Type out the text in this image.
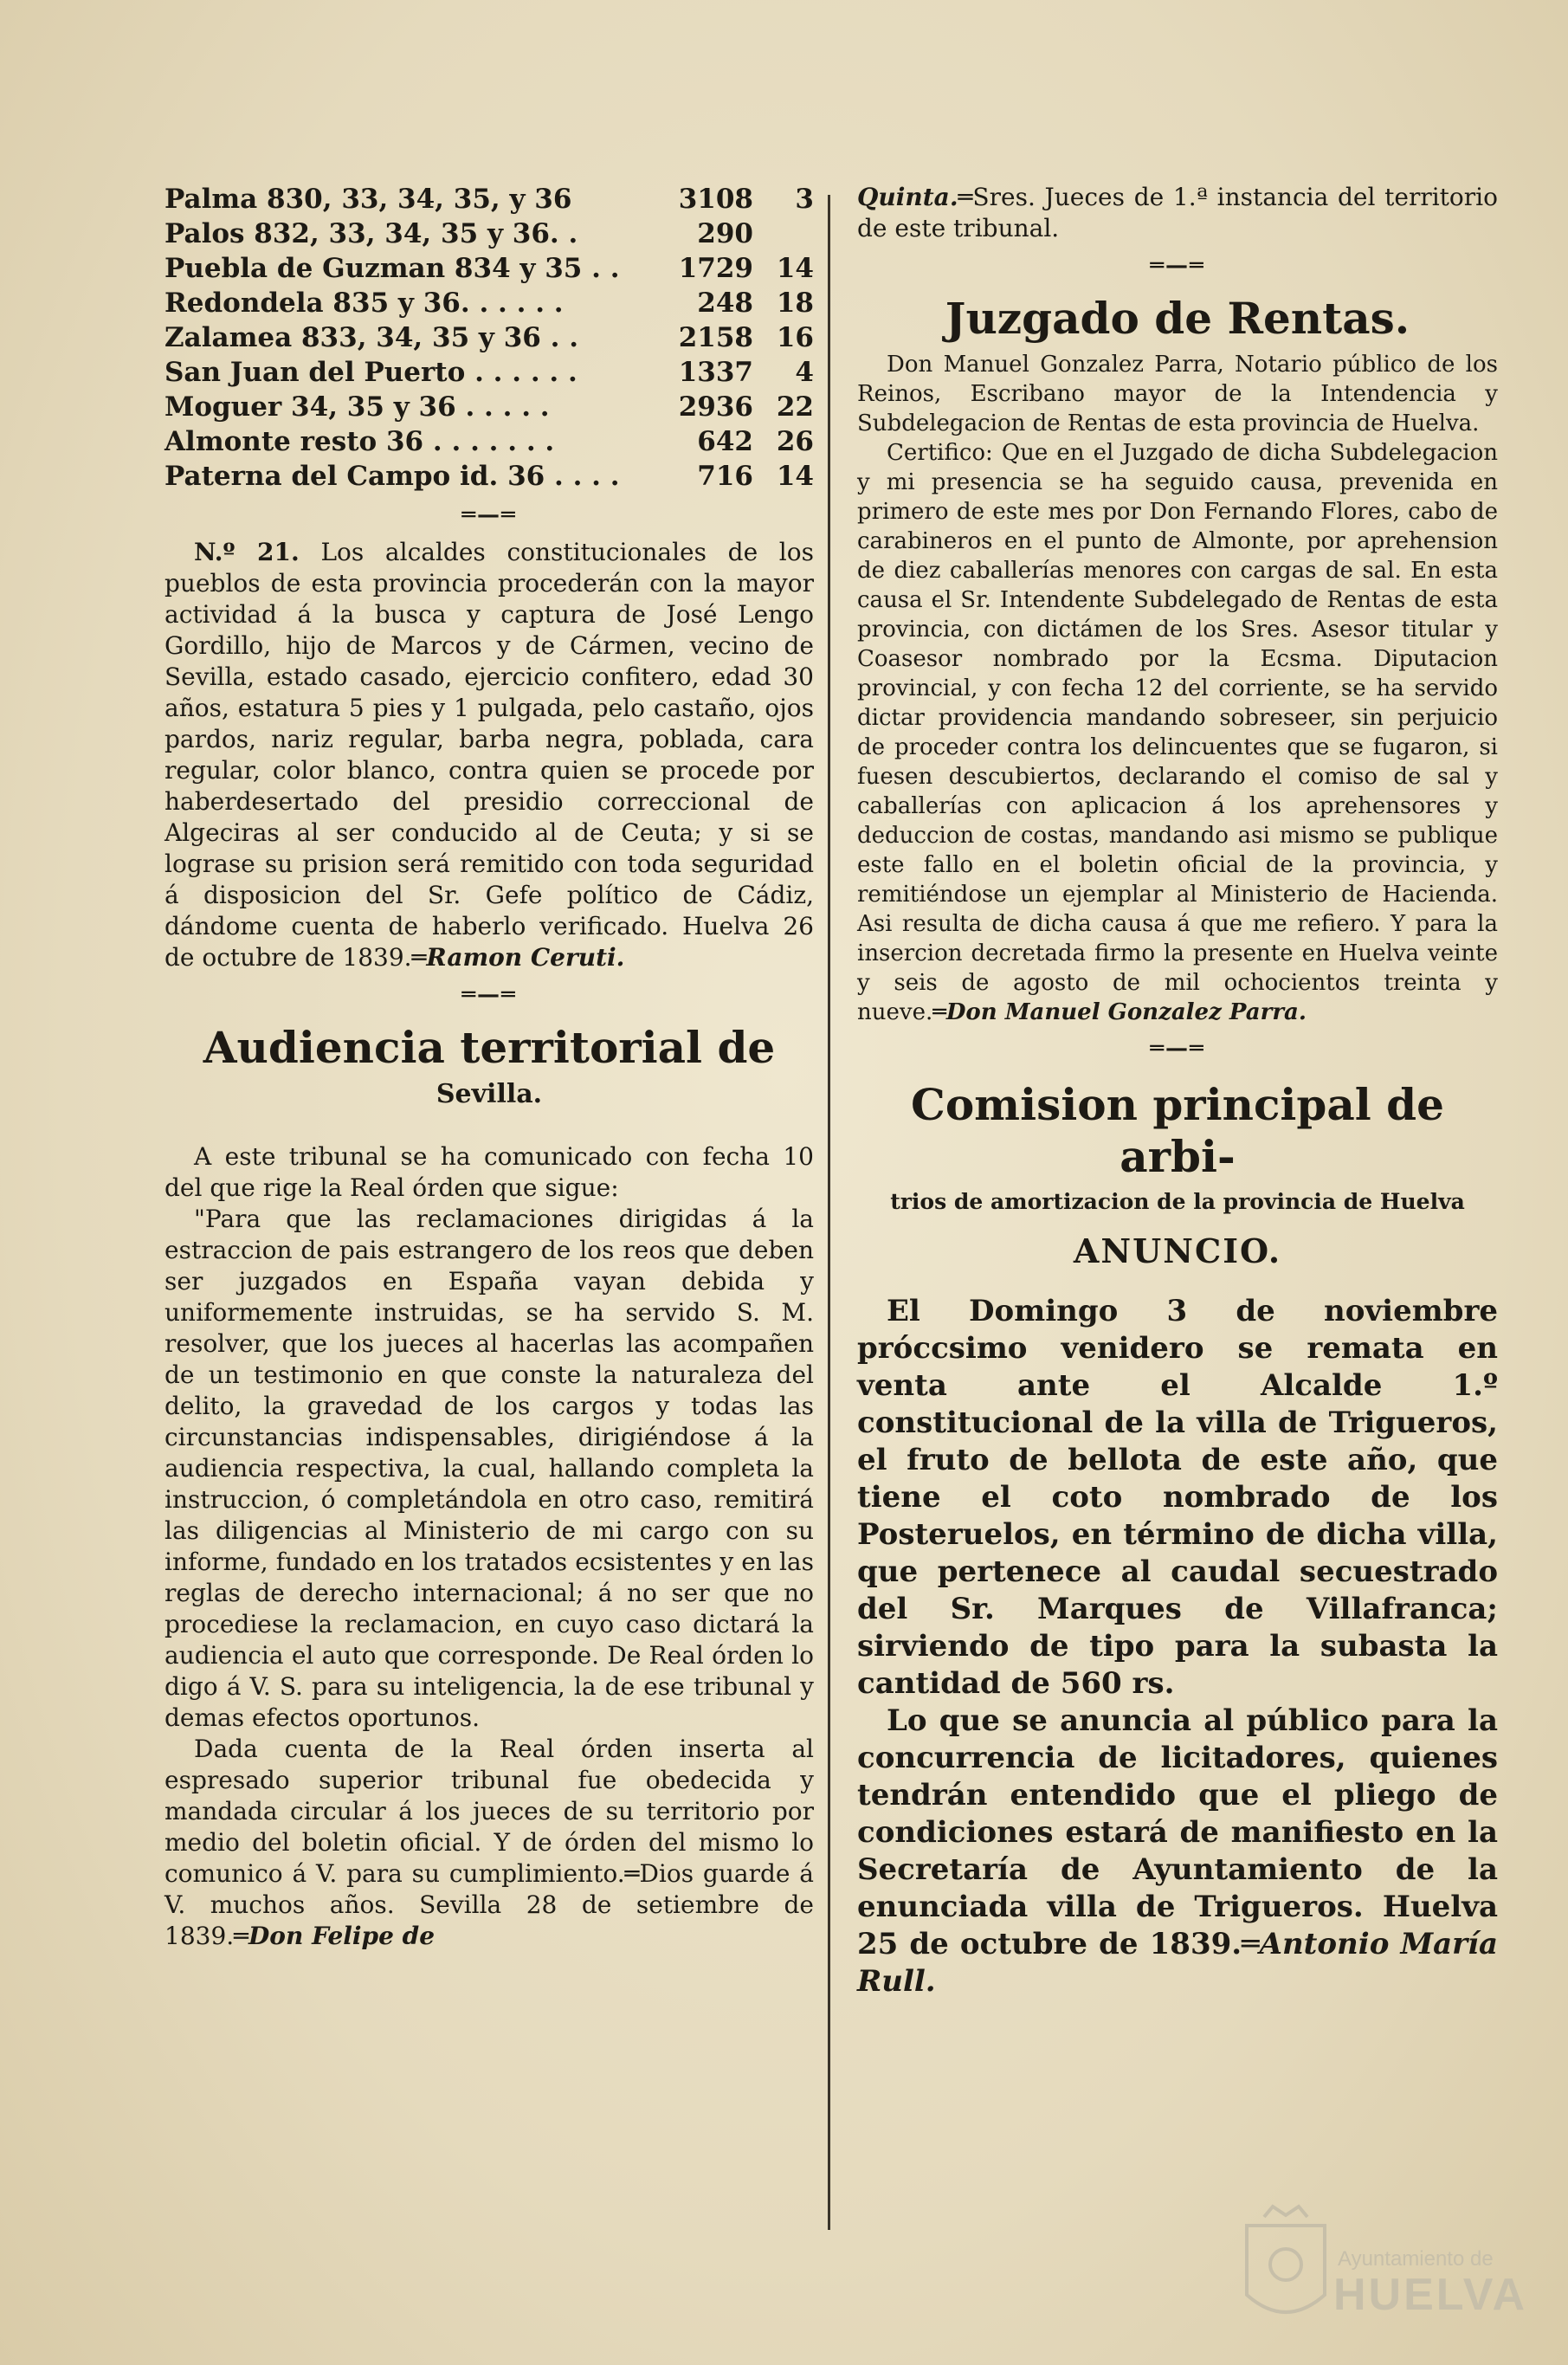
Palma 830, 33, 34, 35, y 36	3108	3
Palos 832, 33, 34, 35 y 36. .	290	
Puebla de Guzman 834 y 35 . .	1729	14
Redondela 835 y 36. . . . . .	248	18
Zalamea 833, 34, 35 y 36 . .	2158	16
San Juan del Puerto . . . . . .	1337	4
Moguer 34, 35 y 36 . . . . .	2936	22
Almonte resto 36 . . . . . . .	642	26
Paterna del Campo id. 36 . . . .	716	14
═—═

N.º 21. Los alcaldes constitucionales de los pueblos de esta provincia procederán con la mayor actividad á la busca y captura de José Lengo Gordillo, hijo de Marcos y de Cármen, vecino de Sevilla, estado casado, ejercicio confitero, edad 30 años, estatura 5 pies y 1 pulgada, pelo castaño, ojos pardos, nariz regular, barba negra, poblada, cara regular, color blanco, contra quien se procede por haberdesertado del presidio correccional de Algeciras al ser conducido al de Ceuta; y si se lograse su prision será remitido con toda seguridad á disposicion del Sr. Gefe político de Cádiz, dándome cuenta de haberlo verificado. Huelva 26 de octubre de 1839.═Ramon Ceruti.

═—═
Audiencia territorial de
Sevilla.

A este tribunal se ha comunicado con fecha 10 del que rige la Real órden que sigue:

"Para que las reclamaciones dirigidas á la estraccion de pais estrangero de los reos que deben ser juzgados en España vayan debida y uniformemente instruidas, se ha servido S. M. resolver, que los jueces al hacerlas las acompañen de un testimonio en que conste la naturaleza del delito, la gravedad de los cargos y todas las circunstancias indispensables, dirigiéndose á la audiencia respectiva, la cual, hallando completa la instruccion, ó completándola en otro caso, remitirá las diligencias al Ministerio de mi cargo con su informe, fundado en los tratados ecsistentes y en las reglas de derecho internacional; á no ser que no procediese la reclamacion, en cuyo caso dictará la audiencia el auto que corresponde. De Real órden lo digo á V. S. para su inteligencia, la de ese tribunal y demas efectos oportunos.

Dada cuenta de la Real órden inserta al espresado superior tribunal fue obedecida y mandada circular á los jueces de su territorio por medio del boletin oficial. Y de órden del mismo lo comunico á V. para su cumplimiento.═Dios guarde á V. muchos años. Sevilla 28 de setiembre de 1839.═Don Felipe de

Quinta.═Sres. Jueces de 1.ª instancia del territorio de este tribunal.

═—═
Juzgado de Rentas.

Don Manuel Gonzalez Parra, Notario público de los Reinos, Escribano mayor de la Intendencia y Subdelegacion de Rentas de esta provincia de Huelva.

Certifico: Que en el Juzgado de dicha Subdelegacion y mi presencia se ha seguido causa, prevenida en primero de este mes por Don Fernando Flores, cabo de carabineros en el punto de Almonte, por aprehension de diez caballerías menores con cargas de sal. En esta causa el Sr. Intendente Subdelegado de Rentas de esta provincia, con dictámen de los Sres. Asesor titular y Coasesor nombrado por la Ecsma. Diputacion provincial, y con fecha 12 del corriente, se ha servido dictar providencia mandando sobreseer, sin perjuicio de proceder contra los delincuentes que se fugaron, si fuesen descubiertos, declarando el comiso de sal y caballerías con aplicacion á los aprehensores y deduccion de costas, mandando asi mismo se publique este fallo en el boletin oficial de la provincia, y remitiéndose un ejemplar al Ministerio de Hacienda. Asi resulta de dicha causa á que me refiero. Y para la insercion decretada firmo la presente en Huelva veinte y seis de agosto de mil ochocientos treinta y nueve.═Don Manuel Gonzalez Parra.

═—═
Comision principal de arbi-
trios de amortizacion de la provincia de Huelva
ANUNCIO.

El Domingo 3 de noviembre próccsimo venidero se remata en venta ante el Alcalde 1.º constitucional de la villa de Trigueros, el fruto de bellota de este año, que tiene el coto nombrado de los Posteruelos, en término de dicha villa, que pertenece al caudal secuestrado del Sr. Marques de Villafranca; sirviendo de tipo para la subasta la cantidad de 560 rs.

Lo que se anuncia al público para la concurrencia de licitadores, quienes tendrán entendido que el pliego de condiciones estará de manifiesto en la Secretaría de Ayuntamiento de la enunciada villa de Trigueros. Huelva 25 de octubre de 1839.═Antonio María Rull.

Ayuntamiento de
HUELVA
